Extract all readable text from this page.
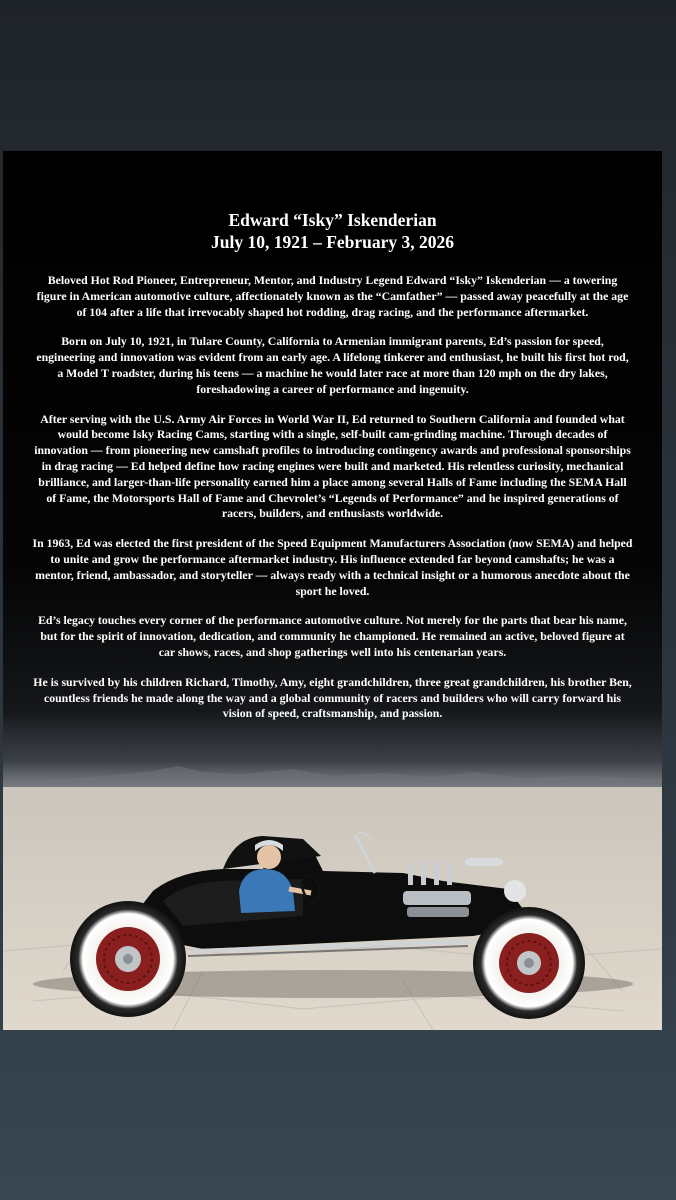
Edward “Isky” Iskenderian
July 10, 1921 – February 3, 2026
Beloved Hot Rod Pioneer, Entrepreneur, Mentor, and Industry Legend Edward “Isky” Iskenderian — a towering figure in American automotive culture, affectionately known as the “Camfather” — passed away peacefully at the age of 104 after a life that irrevocably shaped hot rodding, drag racing, and the performance aftermarket.
Born on July 10, 1921, in Tulare County, California to Armenian immigrant parents, Ed’s passion for speed, engineering and innovation was evident from an early age. A lifelong tinkerer and enthusiast, he built his first hot rod, a Model T roadster, during his teens — a machine he would later race at more than 120 mph on the dry lakes, foreshadowing a career of performance and ingenuity.
After serving with the U.S. Army Air Forces in World War II, Ed returned to Southern California and founded what would become Isky Racing Cams, starting with a single, self-built cam-grinding machine. Through decades of innovation — from pioneering new camshaft profiles to introducing contingency awards and professional sponsorships in drag racing — Ed helped define how racing engines were built and marketed. His relentless curiosity, mechanical brilliance, and larger-than-life personality earned him a place among several Halls of Fame including the SEMA Hall of Fame, the Motorsports Hall of Fame and Chevrolet’s “Legends of Performance” and he inspired generations of racers, builders, and enthusiasts worldwide.
In 1963, Ed was elected the first president of the Speed Equipment Manufacturers Association (now SEMA) and helped to unite and grow the performance aftermarket industry. His influence extended far beyond camshafts; he was a mentor, friend, ambassador, and storyteller — always ready with a technical insight or a humorous anecdote about the sport he loved.
Ed’s legacy touches every corner of the performance automotive culture. Not merely for the parts that bear his name, but for the spirit of innovation, dedication, and community he championed. He remained an active, beloved figure at car shows, races, and shop gatherings well into his centenarian years.
He is survived by his children Richard, Timothy, Amy, eight grandchildren, three great grandchildren, his brother Ben, countless friends he made along the way and a global community of racers and builders who will carry forward his vision of speed, craftsmanship, and passion.
